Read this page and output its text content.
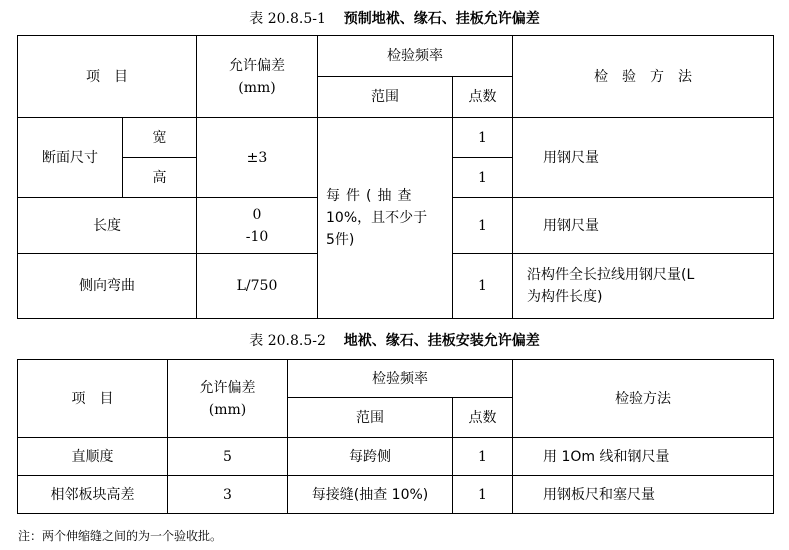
表 20.8.5-1 预制地袱、缘石、挂板允许偏差
项　目		允许偏差
(mm)	检验频率		检　验　方　法
			范围	点数	
断面尺寸	宽	±3	每件(抽查
10%，且不少于
5件)	1	用钢尺量
	高			1	
长度		0
-10		1	用钢尺量
侧向弯曲		L/750		1	沿构件全长拉线用钢尺量(L
为构件长度)
表 20.8.5-2 地袱、缘石、挂板安装允许偏差
项　目	允许偏差
(mm)	检验频率		检验方法
		范围	点数	
直顺度	5	每跨侧	1	用 1Om 线和钢尺量
相邻板块高差	3	每接缝(抽查 10%)	1	用钢板尺和塞尺量
注：两个伸缩缝之间的为一个验收批。
